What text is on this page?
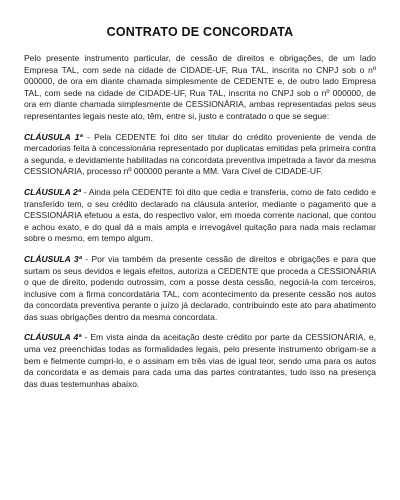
CONTRATO DE CONCORDATA

Pelo presente instrumento particular, de cessão de direitos e obrigações, de um lado Empresa TAL, com sede na cidade de CIDADE-UF, Rua TAL, inscrita no CNPJ sob o nº 000000, de ora em diante chamada simplesmente de CEDENTE e, de outro lado Empresa TAL, com sede na cidade de CIDADE-UF, Rua TAL, inscrita no CNPJ sob o nº 000000, de ora em diante chamada simplesmente de CESSIONÁRIA, ambas representadas pelos seus representantes legais neste ato, têm, entre si, justo e contratado o que se segue:

CLÁUSULA 1ª - Pela CEDENTE foi dito ser titular do crédito proveniente de venda de mercadorias feita à concessionária representado por duplicatas emitidas pela primeira contra a segunda, e devidamente habilitadas na concordata preventiva impetrada a favor da mesma CESSIONÁRIA, processo nº 000000 perante a MM. Vara Cível de CIDADE-UF.

CLÁUSULA 2ª - Ainda pela CEDENTE foi dito que cedia e transferia, como de fato cedido e transferido tem, o seu crédito declarado na cláusula anterior, mediante o pagamento que a CESSIONÁRIA efetuou a esta, do respectivo valor, em moeda corrente nacional, que contou e achou exato, e do qual dá a mais ampla e irrevogável quitação para nada mais reclamar sobre o mesmo, em tempo algum.

CLÁUSULA 3ª - Por via também da presente cessão de direitos e obrigações e para que surtam os seus devidos e legais efeitos, autoriza a CEDENTE que proceda a CESSIONÁRIA o que de direito, podendo outrossim, com a posse desta cessão, negociá-la com terceiros, inclusive com a firma concordatária TAL, com acontecimento da presente cessão nos autos da concordata preventiva perante o juízo já declarado, contribuindo este ato para abatimento das suas obrigações dentro da mesma concordata.

CLÁUSULA 4ª - Em vista ainda da aceitação deste crédito por parte da CESSIONÁRIA, e, uma vez preenchidas todas as formalidades legais, pelo presente instrumento obrigam-se a bem e fielmente cumpri-lo, e o assinam em três vias de igual teor, sendo uma para os autos da concordata e as demais para cada uma das partes contratantes, tudo isso na presença das duas testemunhas abaixo.
